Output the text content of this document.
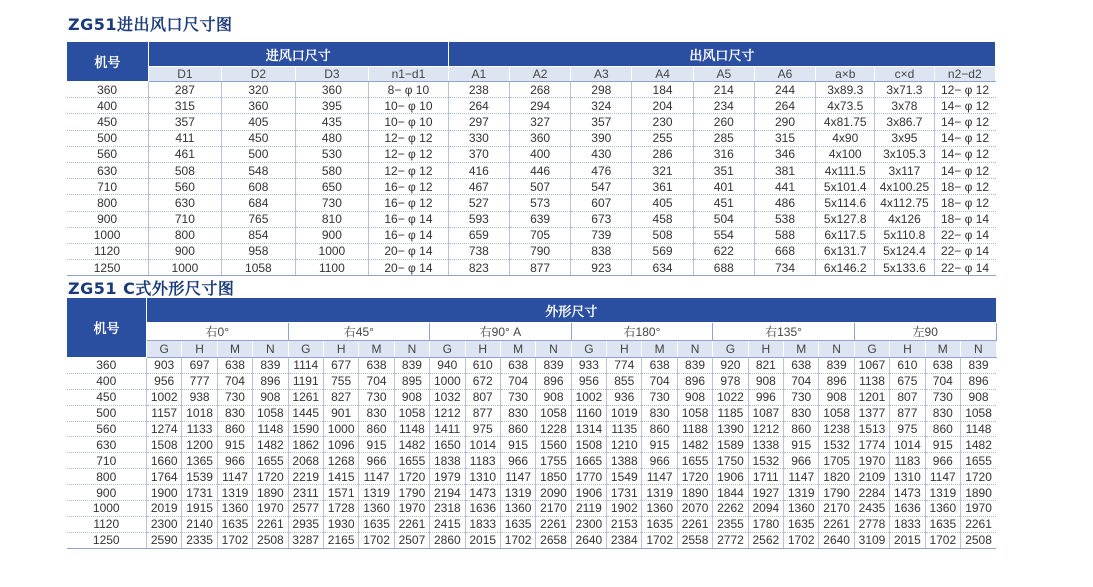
ZG51进出风口尺寸图
机号	进风口尺寸				出风口尺寸								
	D1	D2	D3	n1−d1	A1	A2	A3	A4	A5	A6	a×b	c×d	n2−d2
360	287	320	360	8− φ 10	238	268	298	184	214	244	3x89.3	3x71.3	12− φ 12
400	315	360	395	10− φ 10	264	294	324	204	234	264	4x73.5	3x78	14− φ 12
450	357	405	435	10− φ 10	297	327	357	230	260	290	4x81.75	3x86.7	14− φ 12
500	411	450	480	12− φ 12	330	360	390	255	285	315	4x90	3x95	14− φ 12
560	461	500	530	12− φ 12	370	400	430	286	316	346	4x100	3x105.3	14− φ 12
630	508	548	580	12− φ 12	416	446	476	321	351	381	4x111.5	3x117	14− φ 12
710	560	608	650	16− φ 12	467	507	547	361	401	441	5x101.4	4x100.25	18− φ 12
800	630	684	730	16− φ 12	527	573	607	405	451	486	5x114.6	4x112.75	18− φ 12
900	710	765	810	16− φ 14	593	639	673	458	504	538	5x127.8	4x126	18− φ 14
1000	800	854	900	16− φ 14	659	705	739	508	554	588	6x117.5	5x110.8	22− φ 14
1120	900	958	1000	20− φ 14	738	790	838	569	622	668	6x131.7	5x124.4	22− φ 14
1250	1000	1058	1100	20− φ 14	823	877	923	634	688	734	6x146.2	5x133.6	22− φ 14
ZG51 C式外形尺寸图
机号	外形尺寸																							
	右0°				右45°				右90° A				右180°				右135°				左90			
	G	H	M	N	G	H	M	N	G	H	M	N	G	H	M	N	G	H	M	N	G	H	M	N
360	903	697	638	839	1114	677	638	839	940	610	638	839	933	774	638	839	920	821	638	839	1067	610	638	839
400	956	777	704	896	1191	755	704	895	1000	672	704	896	956	855	704	896	978	908	704	896	1138	675	704	896
450	1002	938	730	908	1261	827	730	908	1032	807	730	908	1002	936	730	908	1022	996	730	908	1201	807	730	908
500	1157	1018	830	1058	1445	901	830	1058	1212	877	830	1058	1160	1019	830	1058	1185	1087	830	1058	1377	877	830	1058
560	1274	1133	860	1148	1590	1000	860	1148	1411	975	860	1228	1314	1135	860	1188	1390	1212	860	1238	1513	975	860	1148
630	1508	1200	915	1482	1862	1096	915	1482	1650	1014	915	1560	1508	1210	915	1482	1589	1338	915	1532	1774	1014	915	1482
710	1660	1365	966	1655	2068	1268	966	1655	1838	1183	966	1755	1665	1388	966	1655	1750	1532	966	1705	1970	1183	966	1655
800	1764	1539	1147	1720	2219	1415	1147	1720	1979	1310	1147	1850	1770	1549	1147	1720	1906	1711	1147	1820	2109	1310	1147	1720
900	1900	1731	1319	1890	2311	1571	1319	1790	2194	1473	1319	2090	1906	1731	1319	1890	1844	1927	1319	1790	2284	1473	1319	1890
1000	2019	1915	1360	1970	2577	1728	1360	1970	2318	1636	1360	2170	2119	1902	1360	2070	2262	2094	1360	2170	2435	1636	1360	1970
1120	2300	2140	1635	2261	2935	1930	1635	2261	2415	1833	1635	2261	2300	2153	1635	2261	2355	1780	1635	2261	2778	1833	1635	2261
1250	2590	2335	1702	2508	3287	2165	1702	2507	2860	2015	1702	2658	2640	2384	1702	2558	2772	2562	1702	2640	3109	2015	1702	2508
